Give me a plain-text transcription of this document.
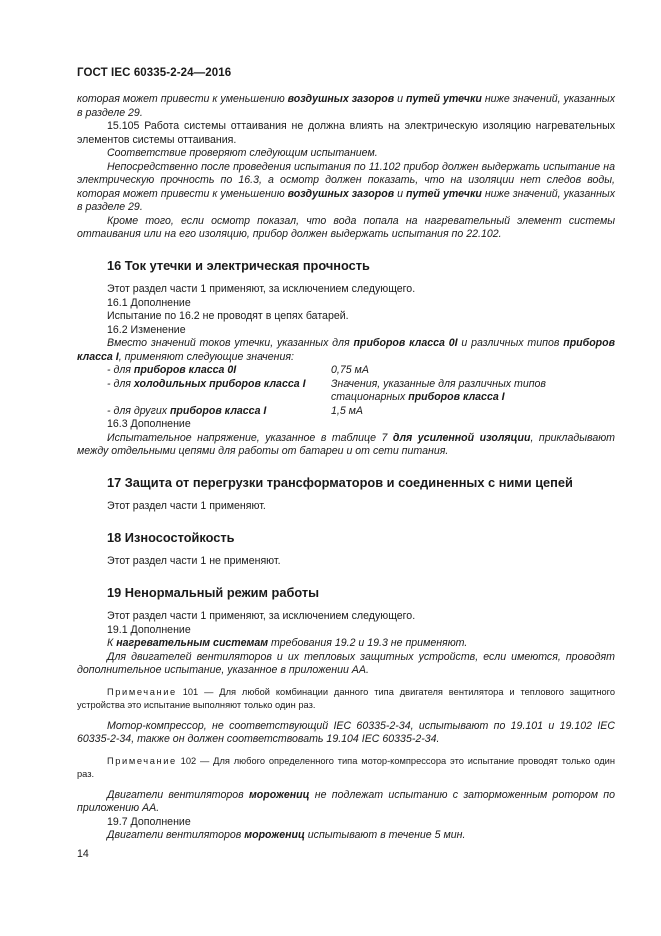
ГОСТ IEC 60335-2-24—2016

которая может привести к уменьшению воздушных зазоров и путей утечки ниже значений, указанных в разделе 29.

15.105 Работа системы оттаивания не должна влиять на электрическую изоляцию нагревательных элементов системы оттаивания.

Соответствие проверяют следующим испытанием.

Непосредственно после проведения испытания по 11.102 прибор должен выдержать испытание на электрическую прочность по 16.3, а осмотр должен показать, что на изоляции нет следов воды, которая может привести к уменьшению воздушных зазоров и путей утечки ниже значений, указанных в разделе 29.

Кроме того, если осмотр показал, что вода попала на нагревательный элемент системы оттаивания или на его изоляцию, прибор должен выдержать испытания по 22.102.

16 Ток утечки и электрическая прочность

Этот раздел части 1 применяют, за исключением следующего.

16.1 Дополнение

Испытание по 16.2 не проводят в цепях батарей.

16.2 Изменение

Вместо значений токов утечки, указанных для приборов класса 0I и различных типов приборов класса I, применяют следующие значения:

- для приборов класса 0I	0,75 мА
- для холодильных приборов класса I	Значения, указанные для различных типов
стационарных приборов класса I
- для других приборов класса I	1,5 мА

16.3 Дополнение

Испытательное напряжение, указанное в таблице 7 для усиленной изоляции, прикладывают между отдельными цепями для работы от батареи и от сети питания.

17 Защита от перегрузки трансформаторов и соединенных с ними цепей

Этот раздел части 1 применяют.

18 Износостойкость

Этот раздел части 1 не применяют.

19 Ненормальный режим работы

Этот раздел части 1 применяют, за исключением следующего.

19.1 Дополнение

К нагревательным системам требования 19.2 и 19.3 не применяют.

Для двигателей вентиляторов и их тепловых защитных устройств, если имеются, проводят дополнительное испытание, указанное в приложении АА.

Примечание 101 — Для любой комбинации данного типа двигателя вентилятора и теплового защитного устройства это испытание выполняют только один раз.

Мотор-компрессор, не соответствующий IEC 60335-2-34, испытывают по 19.101 и 19.102 IEC 60335-2-34, также он должен соответствовать 19.104 IEC 60335-2-34.

Примечание 102 — Для любого определенного типа мотор-компрессора это испытание проводят только один раз.

Двигатели вентиляторов морожениц не подлежат испытанию с заторможенным ротором по приложению АА.

19.7 Дополнение

Двигатели вентиляторов морожениц испытывают в течение 5 мин.

14
